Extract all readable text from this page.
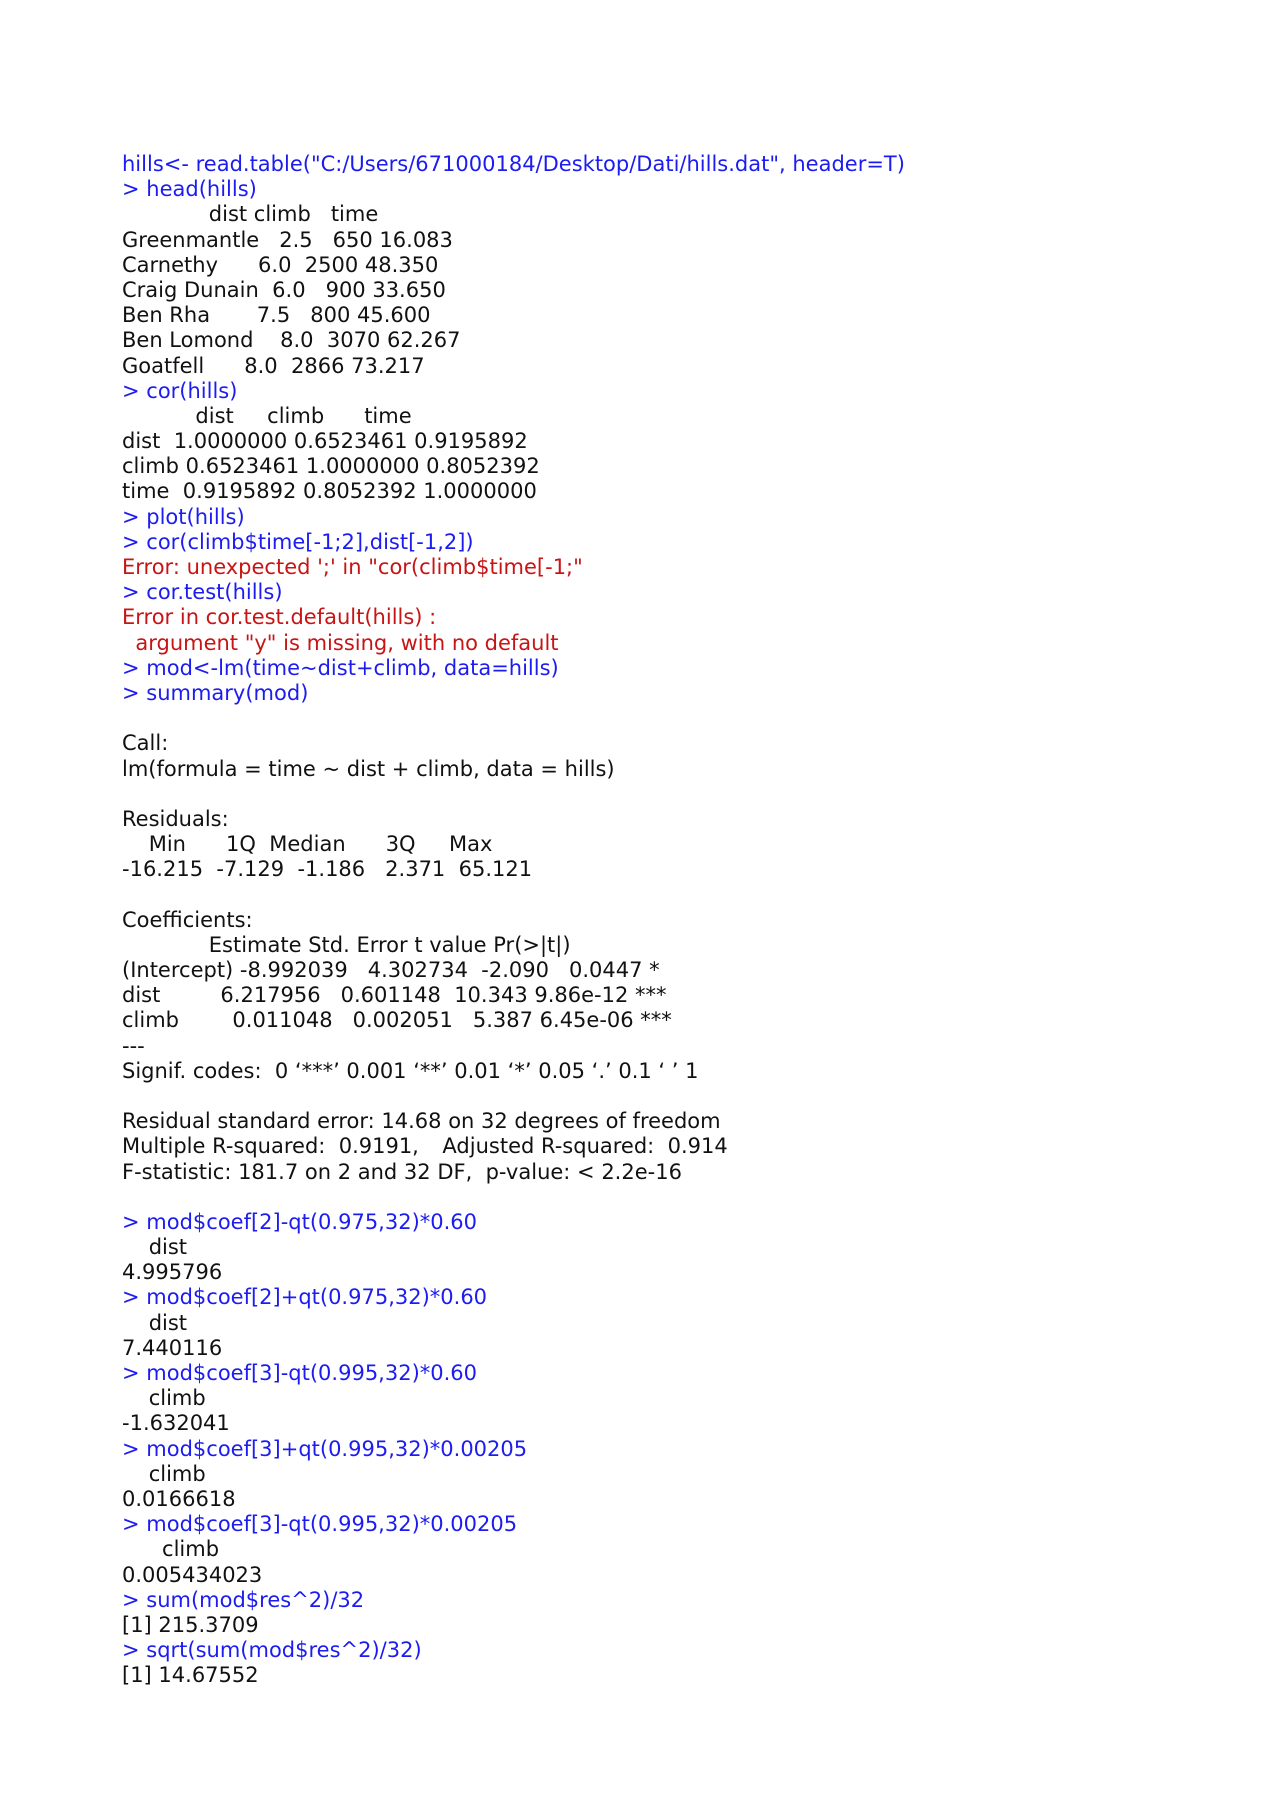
hills<- read.table("C:/Users/671000184/Desktop/Dati/hills.dat", header=T)
> head(hills)
dist climb   time
Greenmantle   2.5   650 16.083
Carnethy      6.0  2500 48.350
Craig Dunain  6.0   900 33.650
Ben Rha       7.5   800 45.600
Ben Lomond    8.0  3070 62.267
Goatfell      8.0  2866 73.217
> cor(hills)
dist     climb      time
dist  1.0000000 0.6523461 0.9195892
climb 0.6523461 1.0000000 0.8052392
time  0.9195892 0.8052392 1.0000000
> plot(hills)
> cor(climb$time[-1;2],dist[-1,2])
Error: unexpected ';' in "cor(climb$time[-1;"
> cor.test(hills)
Error in cor.test.default(hills) :
argument "y" is missing, with no default
> mod<-lm(time~dist+climb, data=hills)
> summary(mod)
Call:
lm(formula = time ~ dist + climb, data = hills)
Residuals:
Min      1Q  Median      3Q     Max
-16.215  -7.129  -1.186   2.371  65.121
Coefficients:
Estimate Std. Error t value Pr(>|t|)
(Intercept) -8.992039   4.302734  -2.090   0.0447 *
dist         6.217956   0.601148  10.343 9.86e-12 ***
climb        0.011048   0.002051   5.387 6.45e-06 ***
---
Signif. codes:  0 ‘***’ 0.001 ‘**’ 0.01 ‘*’ 0.05 ‘.’ 0.1 ‘ ’ 1
Residual standard error: 14.68 on 32 degrees of freedom
Multiple R-squared:  0.9191,	Adjusted R-squared:  0.914
F-statistic: 181.7 on 2 and 32 DF,  p-value: < 2.2e-16
> mod$coef[2]-qt(0.975,32)*0.60
dist
4.995796
> mod$coef[2]+qt(0.975,32)*0.60
dist
7.440116
> mod$coef[3]-qt(0.995,32)*0.60
climb
-1.632041
> mod$coef[3]+qt(0.995,32)*0.00205
climb
0.0166618
> mod$coef[3]-qt(0.995,32)*0.00205
climb
0.005434023
> sum(mod$res^2)/32
[1] 215.3709
> sqrt(sum(mod$res^2)/32)
[1] 14.67552
